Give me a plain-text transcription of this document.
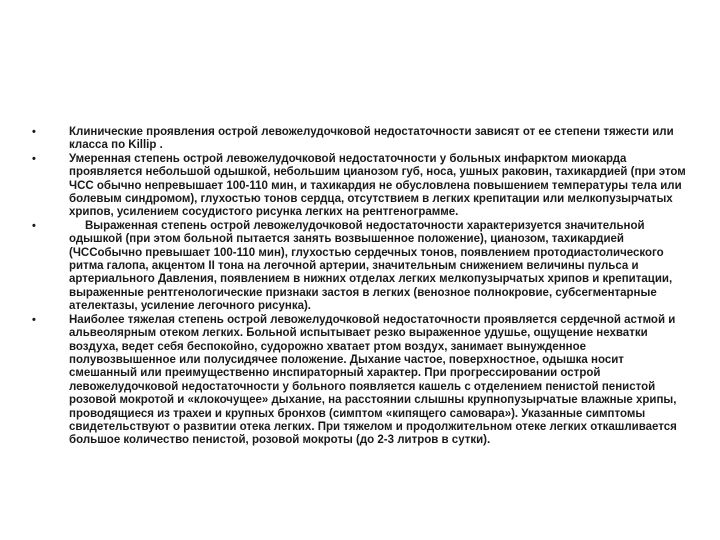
•	Клинические проявления острой левожелудочковой недостаточности зависят от ее степени тяжести или класса по Killip .
•	Умеренная степень острой левожелудочковой недостаточности у больных инфарктом миокарда проявляется небольшой одышкой, небольшим цианозом губ, носа, ушных раковин, тахикардией (при этом ЧСС обычно непревышает 100-110 мин, и тахикардия не обусловлена повышением температуры тела или болевым синдромом), глухостью тонов сердца, отсутствием в легких крепитации или мелкопузырчатых хрипов, усилением сосудистого рисунка легких на рентгенограмме.
•	Выраженная степень острой левожелудочковой недостаточности характеризуется значительной одышкой (при этом больной пытается занять возвышенное положение), цианозом, тахикардией (ЧССобычно превышает 100-110 мин), глухостью сердечных тонов, появлением протодиастолического ритма галопа, акцентом II тона на легочной артерии, значительным снижением величины пульса и артериального Давления, появлением в нижних отделах легких мелкопузырчатых хрипов и крепитации, выраженные рентгенологические признаки застоя в легких (венозное полнокровие, субсегментарные ателектазы, усиление легочного рисунка).
•	Наиболее тяжелая степень острой левожелудочковой недостаточности проявляется сердечной астмой и альвеолярным отеком легких. Больной испытывает резко выраженное удушье, ощущение нехватки воздуха, ведет себя беспокойно, судорожно хватает ртом воздух, занимает вынужденное полувозвышенное или полусидячее положение. Дыхание частое, поверхностное, одышка носит смешанный или преимущественно инспираторный характер. При прогрессировании острой левожелудочковой недостаточности у больного появляется кашель с отделением пенистой пенистой розовой мокротой и «клокочущее» дыхание, на расстоянии слышны крупнопузырчатые влажные хрипы, проводящиеся из трахеи и крупных бронхов (симптом «кипящего самовара»). Указанные симптомы свидетельствуют о развитии отека легких. При тяжелом и продолжительном отеке легких откашливается большое количество пенистой, розовой мокроты (до 2-3 литров в сутки).
